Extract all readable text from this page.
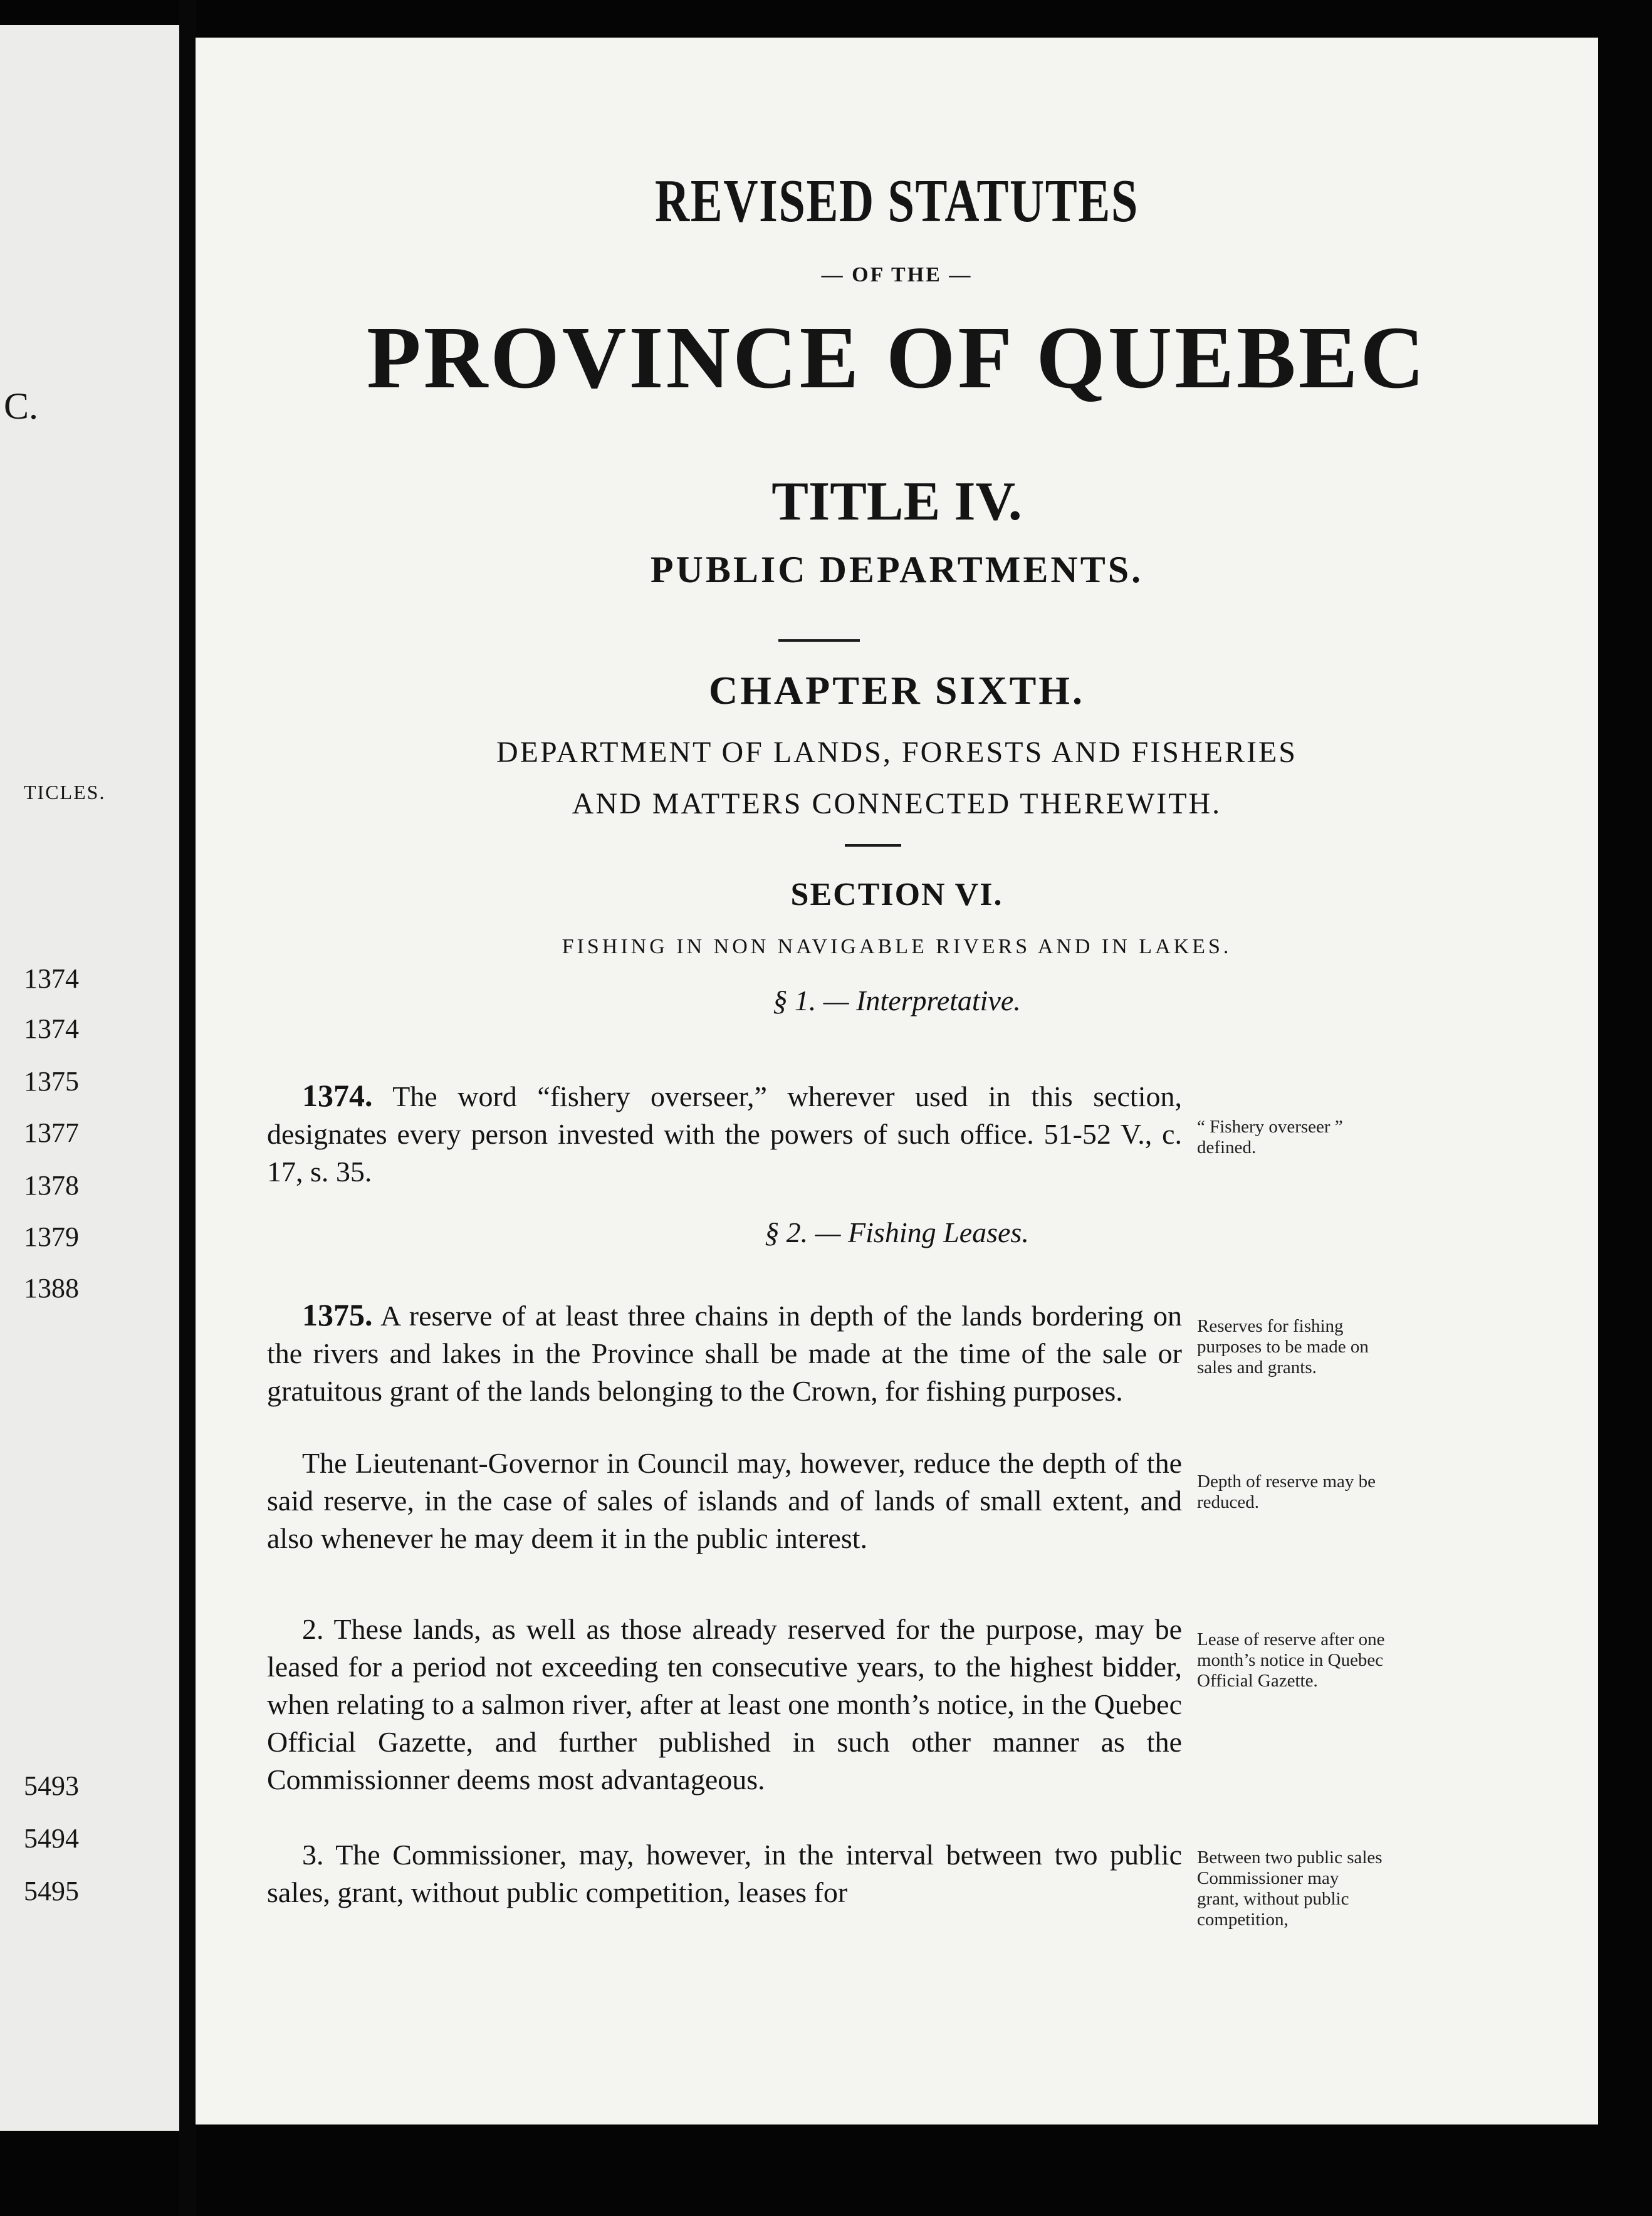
C.
TICLES.
1374
1374
1375
1377
1378
1379
1388
5493
5494
5495
REVISED STATUTES
— OF THE —
PROVINCE OF QUEBEC
TITLE IV.
PUBLIC DEPARTMENTS.
CHAPTER SIXTH.
DEPARTMENT OF LANDS, FORESTS AND FISHERIES
AND MATTERS CONNECTED THEREWITH.
SECTION VI.
FISHING IN NON NAVIGABLE RIVERS AND IN LAKES.
§ 1. — Interpretative.

1374. The word “fishery overseer,” wherever used in this section, designates every person invested with the powers of such office. 51-52 V., c. 17, s. 35.

“ Fishery overseer ” defined.

§ 2. — Fishing Leases.

1375. A reserve of at least three chains in depth of the lands bordering on the rivers and lakes in the Province shall be made at the time of the sale or gratuitous grant of the lands belonging to the Crown, for fishing purposes.

Reserves for fishing purposes to be made on sales and grants.

The Lieutenant-Governor in Council may, however, reduce the depth of the said reserve, in the case of sales of islands and of lands of small extent, and also whenever he may deem it in the public interest.

Depth of reserve may be reduced.

2. These lands, as well as those already reserved for the purpose, may be leased for a period not exceeding ten consecutive years, to the highest bidder, when relating to a salmon river, after at least one month’s notice, in the Quebec Official Gazette, and further published in such other manner as the Commissionner deems most advantageous.

Lease of reserve after one month’s notice in Quebec Official Gazette.

3. The Commissioner, may, however, in the interval between two public sales, grant, without public competition, leases for

Between two public sales Commissioner may grant, without public competition,
